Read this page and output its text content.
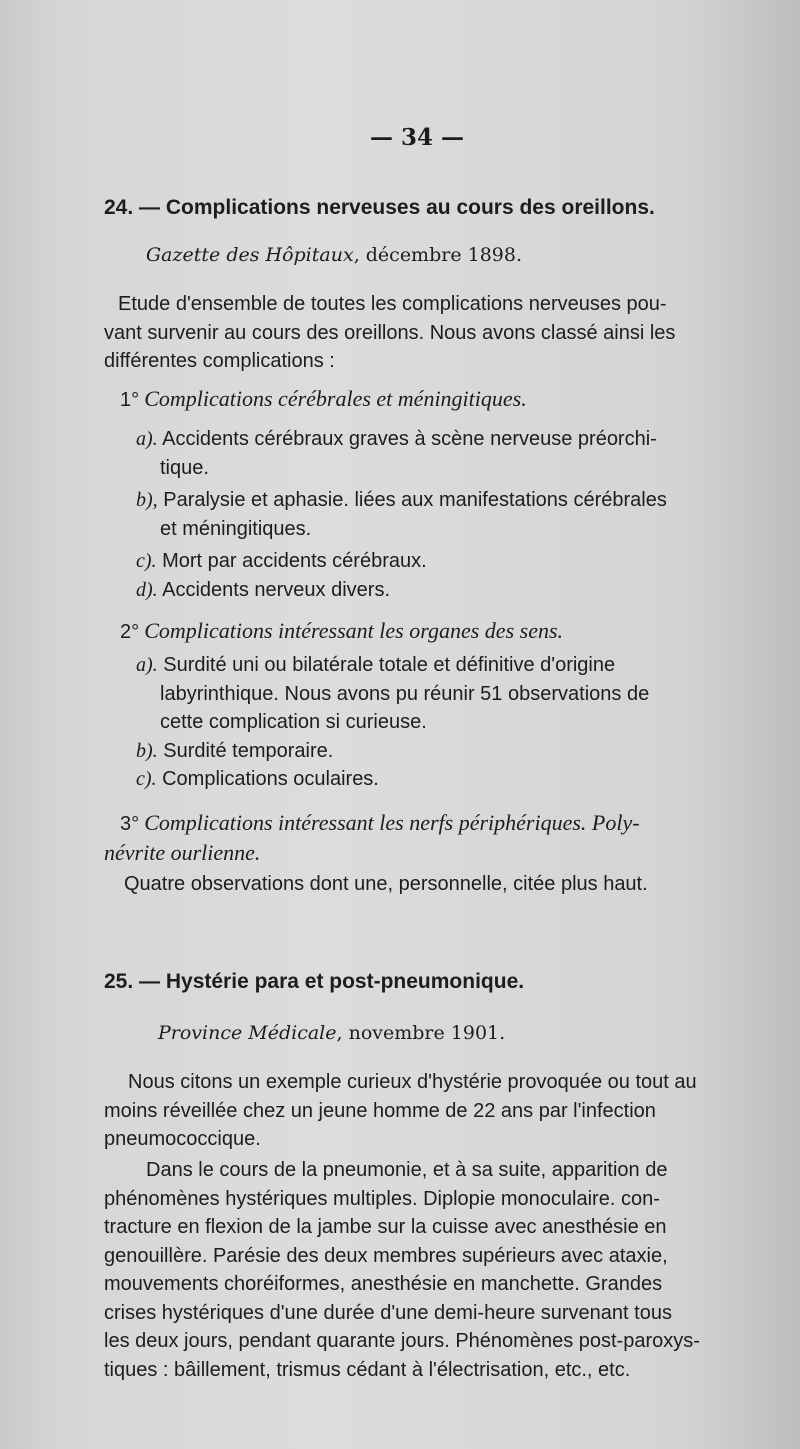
— 34 —
24. — Complications nerveuses au cours des oreillons.
Gazette des Hôpitaux, décembre 1898.

Etude d'ensemble de toutes les complications nerveuses pou-

vant survenir au cours des oreillons. Nous avons classé ainsi les

différentes complications :

1° Complications cérébrales et méningitiques.

a). Accidents cérébraux graves à scène nerveuse préorchi-

tique.

b), Paralysie et aphasie. liées aux manifestations cérébrales

et méningitiques.

c). Mort par accidents cérébraux.

d). Accidents nerveux divers.

2° Complications intéressant les organes des sens.

a). Surdité uni ou bilatérale totale et définitive d'origine

labyrinthique. Nous avons pu réunir 51 observations de

cette complication si curieuse.

b). Surdité temporaire.

c). Complications oculaires.

3° Complications intéressant les nerfs périphériques. Poly-
névrite ourlienne.
Quatre observations dont une, personnelle, citée plus haut.
25. — Hystérie para et post-pneumonique.
Province Médicale, novembre 1901.

Nous citons un exemple curieux d'hystérie provoquée ou tout au

moins réveillée chez un jeune homme de 22 ans par l'infection

pneumococcique.

Dans le cours de la pneumonie, et à sa suite, apparition de

phénomènes hystériques multiples. Diplopie monoculaire. con-

tracture en flexion de la jambe sur la cuisse avec anesthésie en

genouillère. Parésie des deux membres supérieurs avec ataxie,

mouvements choréiformes, anesthésie en manchette. Grandes

crises hystériques d'une durée d'une demi-heure survenant tous

les deux jours, pendant quarante jours. Phénomènes post-paroxys-

tiques : bâillement, trismus cédant à l'électrisation, etc., etc.
